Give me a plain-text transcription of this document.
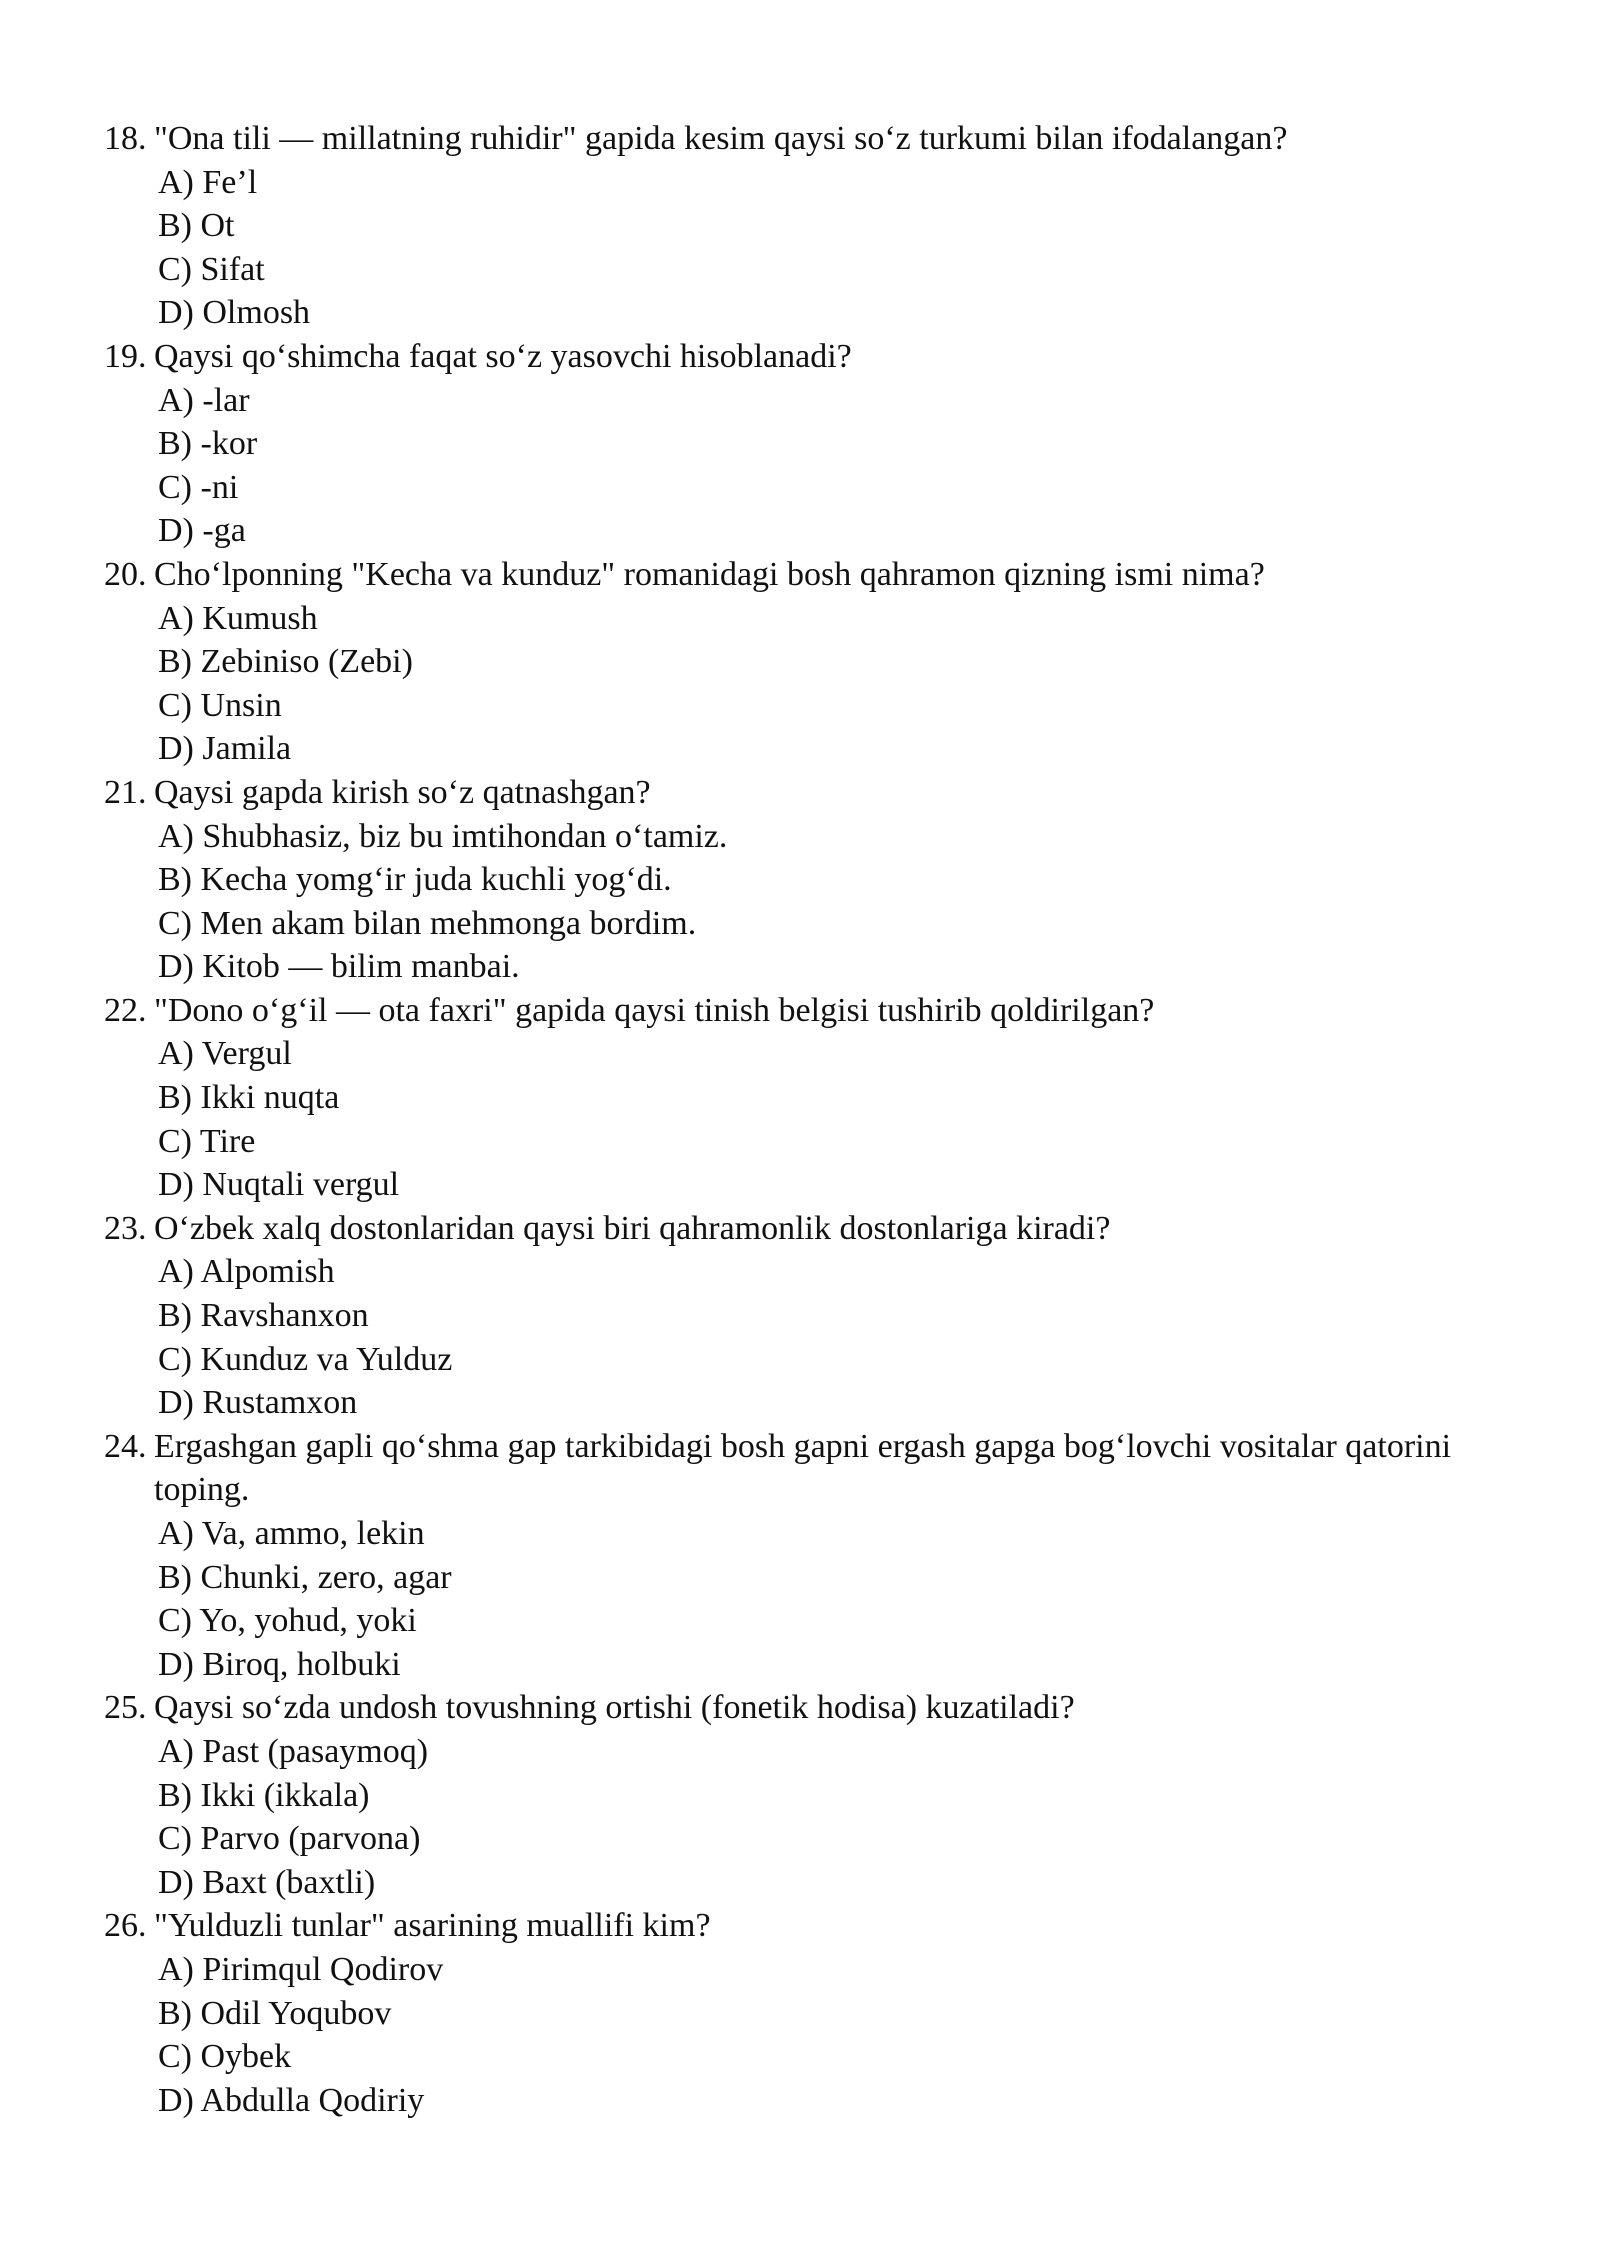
18. "Ona tili — millatning ruhidir" gapida kesim qaysi so‘z turkumi bilan ifodalangan?

A) Fe’l
B) Ot
C) Sifat
D) Olmosh
19. Qaysi qo‘shimcha faqat so‘z yasovchi hisoblanadi?

A) -lar
B) -kor
C) -ni
D) -ga
20. Cho‘lponning "Kecha va kunduz" romanidagi bosh qahramon qizning ismi nima?

A) Kumush
B) Zebiniso (Zebi)
C) Unsin
D) Jamila
21. Qaysi gapda kirish so‘z qatnashgan?

A) Shubhasiz, biz bu imtihondan o‘tamiz.
B) Kecha yomg‘ir juda kuchli yog‘di.
C) Men akam bilan mehmonga bordim.
D) Kitob — bilim manbai.
22. "Dono o‘g‘il — ota faxri" gapida qaysi tinish belgisi tushirib qoldirilgan?

A) Vergul
B) Ikki nuqta
C) Tire
D) Nuqtali vergul
23. O‘zbek xalq dostonlaridan qaysi biri qahramonlik dostonlariga kiradi?

A) Alpomish
B) Ravshanxon
C) Kunduz va Yulduz
D) Rustamxon
24. Ergashgan gapli qo‘shma gap tarkibidagi bosh gapni ergash gapga bog‘lovchi vositalar qatorini toping.

A) Va, ammo, lekin
B) Chunki, zero, agar
C) Yo, yohud, yoki
D) Biroq, holbuki
25. Qaysi so‘zda undosh tovushning ortishi (fonetik hodisa) kuzatiladi?

A) Past (pasaymoq)
B) Ikki (ikkala)
C) Parvo (parvona)
D) Baxt (baxtli)
26. "Yulduzli tunlar" asarining muallifi kim?

A) Pirimqul Qodirov
B) Odil Yoqubov
C) Oybek
D) Abdulla Qodiriy
